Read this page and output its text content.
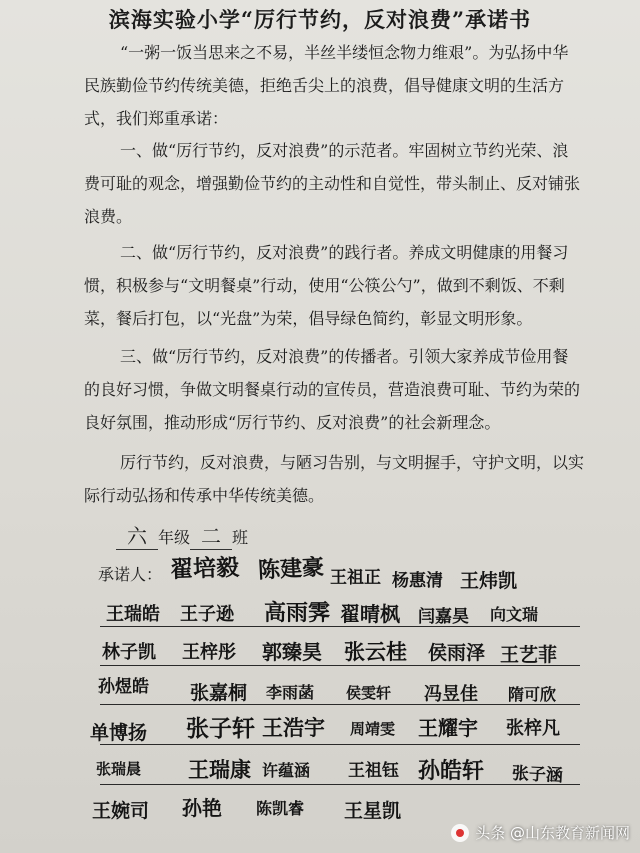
滨海实验小学“厉行节约，反对浪费”承诺书

“一粥一饭当思来之不易，半丝半缕恒念物力维艰”。为弘扬中华民族勤俭节约传统美德，拒绝舌尖上的浪费，倡导健康文明的生活方式，我们郑重承诺：

一、做“厉行节约，反对浪费”的示范者。牢固树立节约光荣、浪费可耻的观念，增强勤俭节约的主动性和自觉性，带头制止、反对铺张浪费。

二、做“厉行节约，反对浪费”的践行者。养成文明健康的用餐习惯，积极参与“文明餐桌”行动，使用“公筷公勺”，做到不剩饭、不剩菜，餐后打包，以“光盘”为荣，倡导绿色简约，彰显文明形象。

三、做“厉行节约，反对浪费”的传播者。引领大家养成节俭用餐的良好习惯，争做文明餐桌行动的宣传员，营造浪费可耻、节约为荣的良好氛围，推动形成“厉行节约、反对浪费”的社会新理念。

厉行节约，反对浪费，与陋习告别，与文明握手，守护文明，以实际行动弘扬和传承中华传统美德。

六 年级 二 班
承诺人： 翟培毅 陈建豪 王祖正 杨惠清 王炜凯
王瑞皓 王子逊 高雨霁 翟晴枫 闫嘉昊 向文瑞
林子凯 王梓彤 郭臻昊 张云桂 侯雨泽 王艺菲
孙煜皓 张嘉桐 李雨菡 侯雯轩 冯昱佳 隋可欣
单博扬 张子轩 王浩宇 周靖雯 王耀宇 张梓凡
张瑞晨 王瑞康 许蕴涵 王祖钰 孙皓轩 张子涵
王婉司 孙艳 陈凯睿 王星凯
头条 @山东教育新闻网
